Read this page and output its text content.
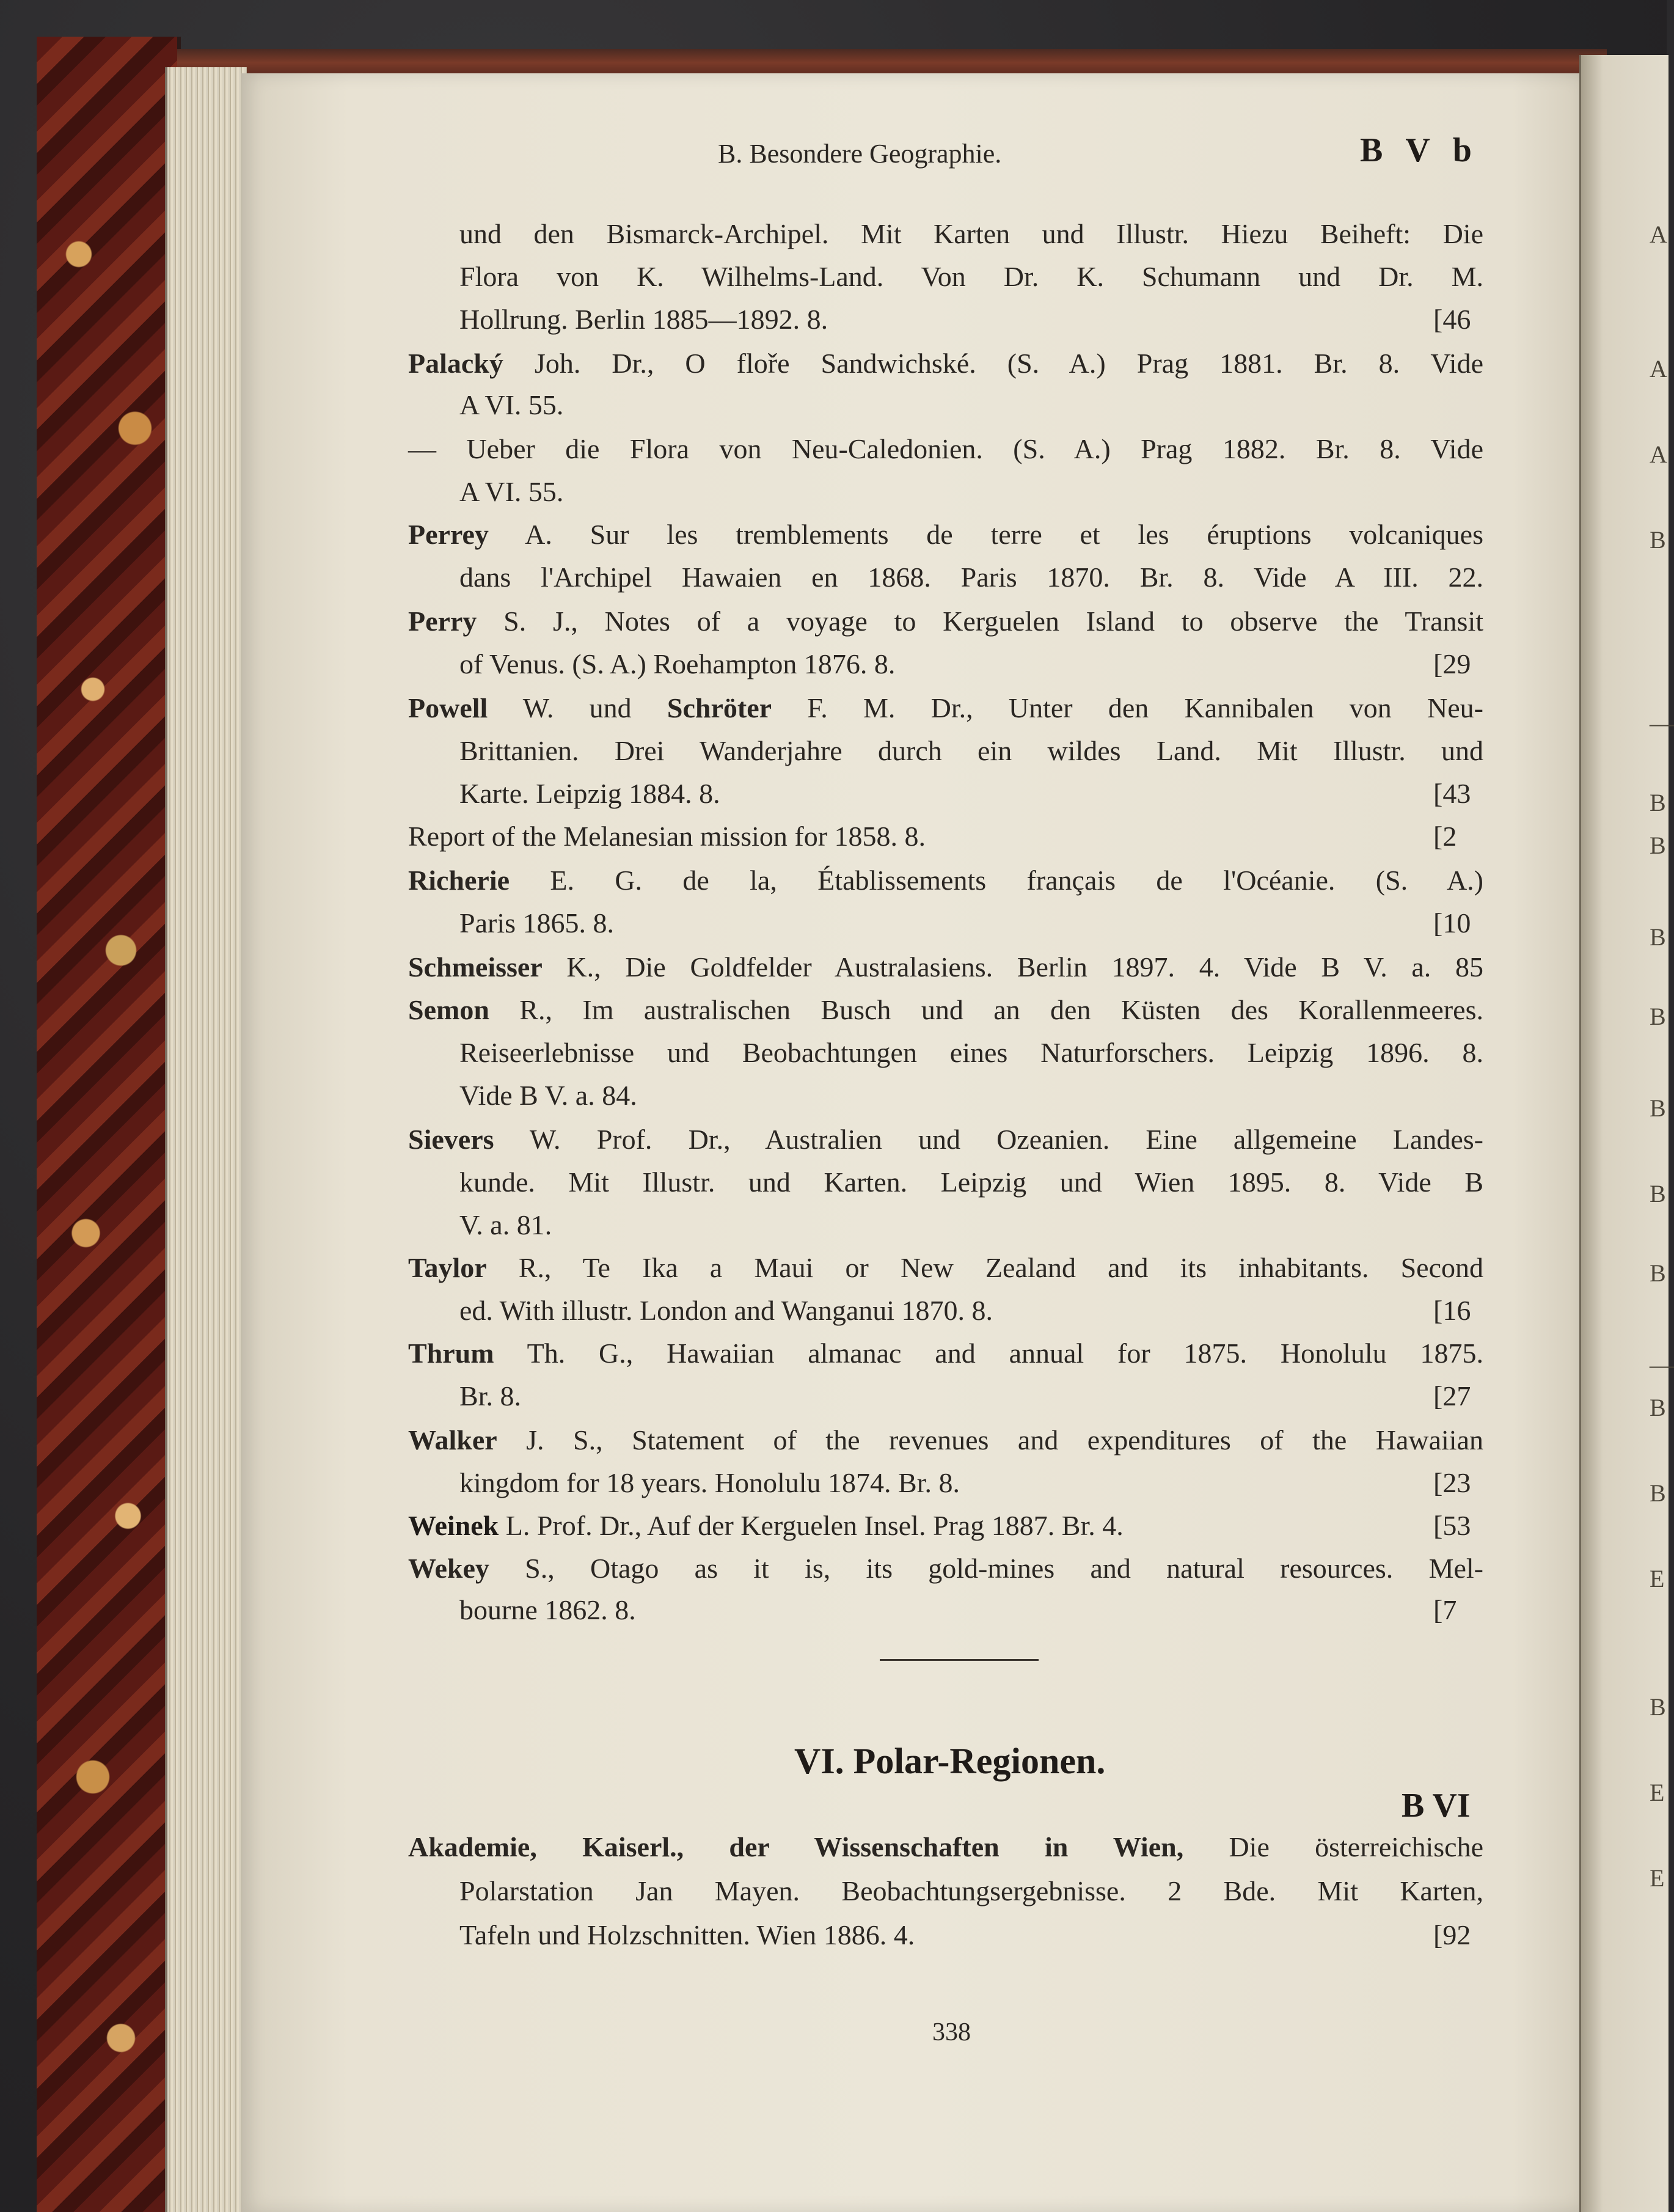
A
A
A
B
—
B
B
B
B
B
B
B
—
B
B
E
B
E
E
B. Besondere Geographie.	B V b
und den Bismarck-Archipel. Mit Karten und Illustr. Hiezu Beiheft: Die
Flora von K. Wilhelms-Land. Von Dr. K. Schumann und Dr. M.
Hollrung. Berlin 1885—1892. 8.	[46
Palacký Joh. Dr., O floře Sandwichské. (S. A.) Prag 1881. Br. 8. Vide
A VI. 55.
— Ueber die Flora von Neu-Caledonien. (S. A.) Prag 1882. Br. 8. Vide
A VI. 55.
Perrey A. Sur les tremblements de terre et les éruptions volcaniques
dans l'Archipel Hawaien en 1868. Paris 1870. Br. 8. Vide A III. 22.
Perry S. J., Notes of a voyage to Kerguelen Island to observe the Transit
of Venus. (S. A.) Roehampton 1876. 8.	[29
Powell W. und Schröter F. M. Dr., Unter den Kannibalen von Neu-
Brittanien. Drei Wanderjahre durch ein wildes Land. Mit Illustr. und
Karte. Leipzig 1884. 8.	[43
Report of the Melanesian mission for 1858. 8.	[2
Richerie E. G. de la, Établissements français de l'Océanie. (S. A.)
Paris 1865. 8.	[10
Schmeisser K., Die Goldfelder Australasiens. Berlin 1897. 4. Vide B V. a. 85
Semon R., Im australischen Busch und an den Küsten des Korallenmeeres.
Reiseerlebnisse und Beobachtungen eines Naturforschers. Leipzig 1896. 8.
Vide B V. a. 84.
Sievers W. Prof. Dr., Australien und Ozeanien. Eine allgemeine Landes-
kunde. Mit Illustr. und Karten. Leipzig und Wien 1895. 8. Vide B
V. a. 81.
Taylor R., Te Ika a Maui or New Zealand and its inhabitants. Second
ed. With illustr. London and Wanganui 1870. 8.	[16
Thrum Th. G., Hawaiian almanac and annual for 1875. Honolulu 1875.
Br. 8.	[27
Walker J. S., Statement of the revenues and expenditures of the Hawaiian
kingdom for 18 years. Honolulu 1874. Br. 8.	[23
Weinek L. Prof. Dr., Auf der Kerguelen Insel. Prag 1887. Br. 4.	[53
Wekey S., Otago as it is, its gold-mines and natural resources. Mel-
bourne 1862. 8.	[7
VI. Polar-Regionen.
B VI
Akademie, Kaiserl., der Wissenschaften in Wien, Die österreichische
Polarstation Jan Mayen. Beobachtungsergebnisse. 2 Bde. Mit Karten,
Tafeln und Holzschnitten. Wien 1886. 4.	[92
338
